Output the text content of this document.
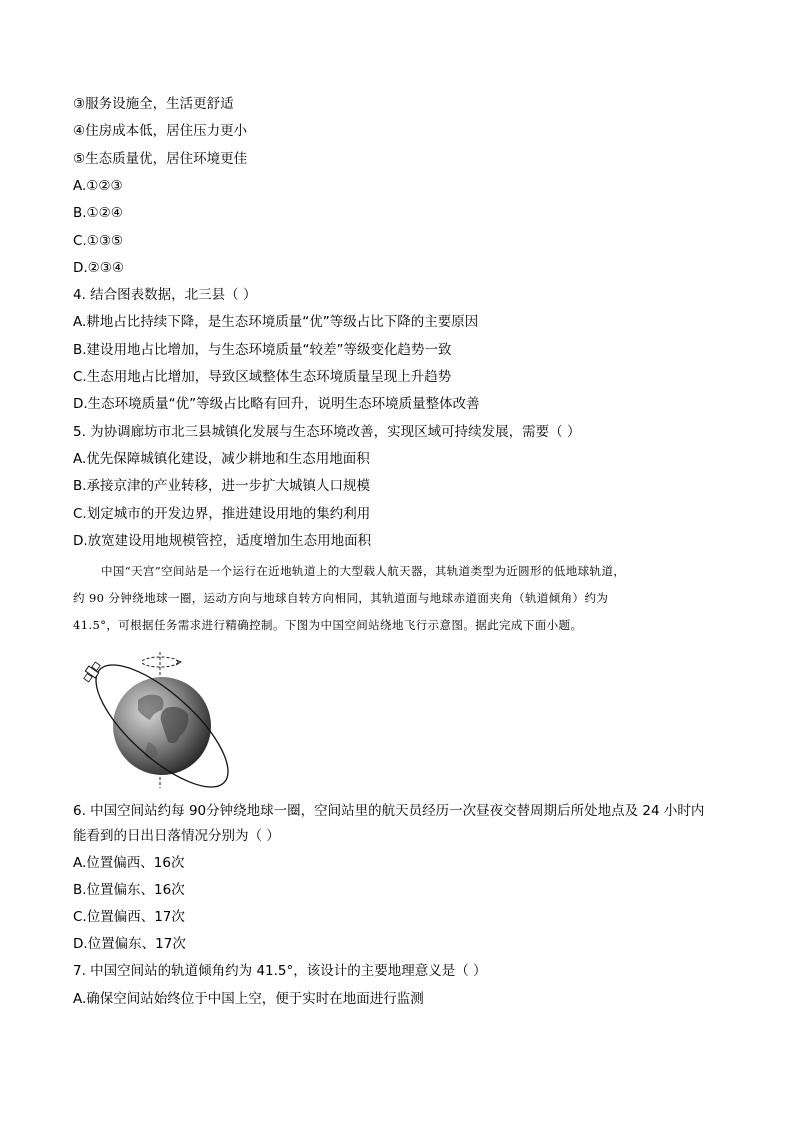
③服务设施全，生活更舒适
④住房成本低，居住压力更小
⑤生态质量优，居住环境更佳
A.①②③
B.①②④
C.①③⑤
D.②③④
4. 结合图表数据，北三县（ ）
A.耕地占比持续下降，是生态环境质量“优”等级占比下降的主要原因
B.建设用地占比增加，与生态环境质量“较差”等级变化趋势一致
C.生态用地占比增加，导致区域整体生态环境质量呈现上升趋势
D.生态环境质量“优”等级占比略有回升，说明生态环境质量整体改善
5. 为协调廊坊市北三县城镇化发展与生态环境改善，实现区域可持续发展，需要（ ）
A.优先保障城镇化建设，减少耕地和生态用地面积
B.承接京津的产业转移，进一步扩大城镇人口规模
C.划定城市的开发边界，推进建设用地的集约利用
D.放宽建设用地规模管控，适度增加生态用地面积

中国“天宫”空间站是一个运行在近地轨道上的大型载人航天器，其轨道类型为近圆形的低地球轨道，

约 90 分钟绕地球一圈，运动方向与地球自转方向相同，其轨道面与地球赤道面夹角（轨道倾角）约为

41.5°，可根据任务需求进行精确控制。下图为中国空间站绕地飞行示意图。据此完成下面小题。

6. 中国空间站约每 90分钟绕地球一圈，空间站里的航天员经历一次昼夜交替周期后所处地点及 24 小时内
能看到的日出日落情况分别为（ ）
A.位置偏西、16次
B.位置偏东、16次
C.位置偏西、17次
D.位置偏东、17次
7. 中国空间站的轨道倾角约为 41.5°，该设计的主要地理意义是（ ）
A.确保空间站始终位于中国上空，便于实时在地面进行监测
